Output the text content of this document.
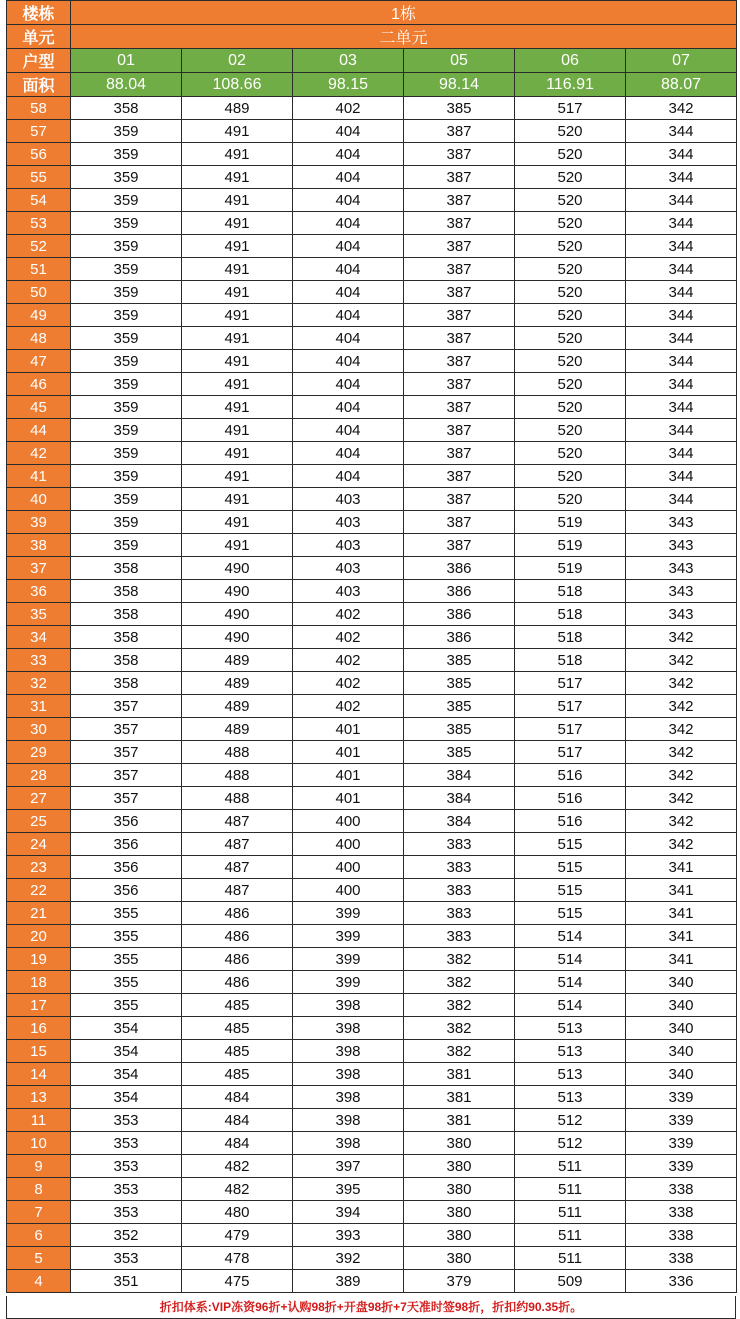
楼栋	1栋					
单元	二单元					
户型	01	02	03	05	06	07
面积	88.04	108.66	98.15	98.14	116.91	88.07
58	358	489	402	385	517	342
57	359	491	404	387	520	344
56	359	491	404	387	520	344
55	359	491	404	387	520	344
54	359	491	404	387	520	344
53	359	491	404	387	520	344
52	359	491	404	387	520	344
51	359	491	404	387	520	344
50	359	491	404	387	520	344
49	359	491	404	387	520	344
48	359	491	404	387	520	344
47	359	491	404	387	520	344
46	359	491	404	387	520	344
45	359	491	404	387	520	344
44	359	491	404	387	520	344
42	359	491	404	387	520	344
41	359	491	404	387	520	344
40	359	491	403	387	520	344
39	359	491	403	387	519	343
38	359	491	403	387	519	343
37	358	490	403	386	519	343
36	358	490	403	386	518	343
35	358	490	402	386	518	343
34	358	490	402	386	518	342
33	358	489	402	385	518	342
32	358	489	402	385	517	342
31	357	489	402	385	517	342
30	357	489	401	385	517	342
29	357	488	401	385	517	342
28	357	488	401	384	516	342
27	357	488	401	384	516	342
25	356	487	400	384	516	342
24	356	487	400	383	515	342
23	356	487	400	383	515	341
22	356	487	400	383	515	341
21	355	486	399	383	515	341
20	355	486	399	383	514	341
19	355	486	399	382	514	341
18	355	486	399	382	514	340
17	355	485	398	382	514	340
16	354	485	398	382	513	340
15	354	485	398	382	513	340
14	354	485	398	381	513	340
13	354	484	398	381	513	339
11	353	484	398	381	512	339
10	353	484	398	380	512	339
9	353	482	397	380	511	339
8	353	482	395	380	511	338
7	353	480	394	380	511	338
6	352	479	393	380	511	338
5	353	478	392	380	511	338
4	351	475	389	379	509	336
折扣体系:VIP冻资96折+认购98折+开盘98折+7天准时签98折，折扣约90.35折。
